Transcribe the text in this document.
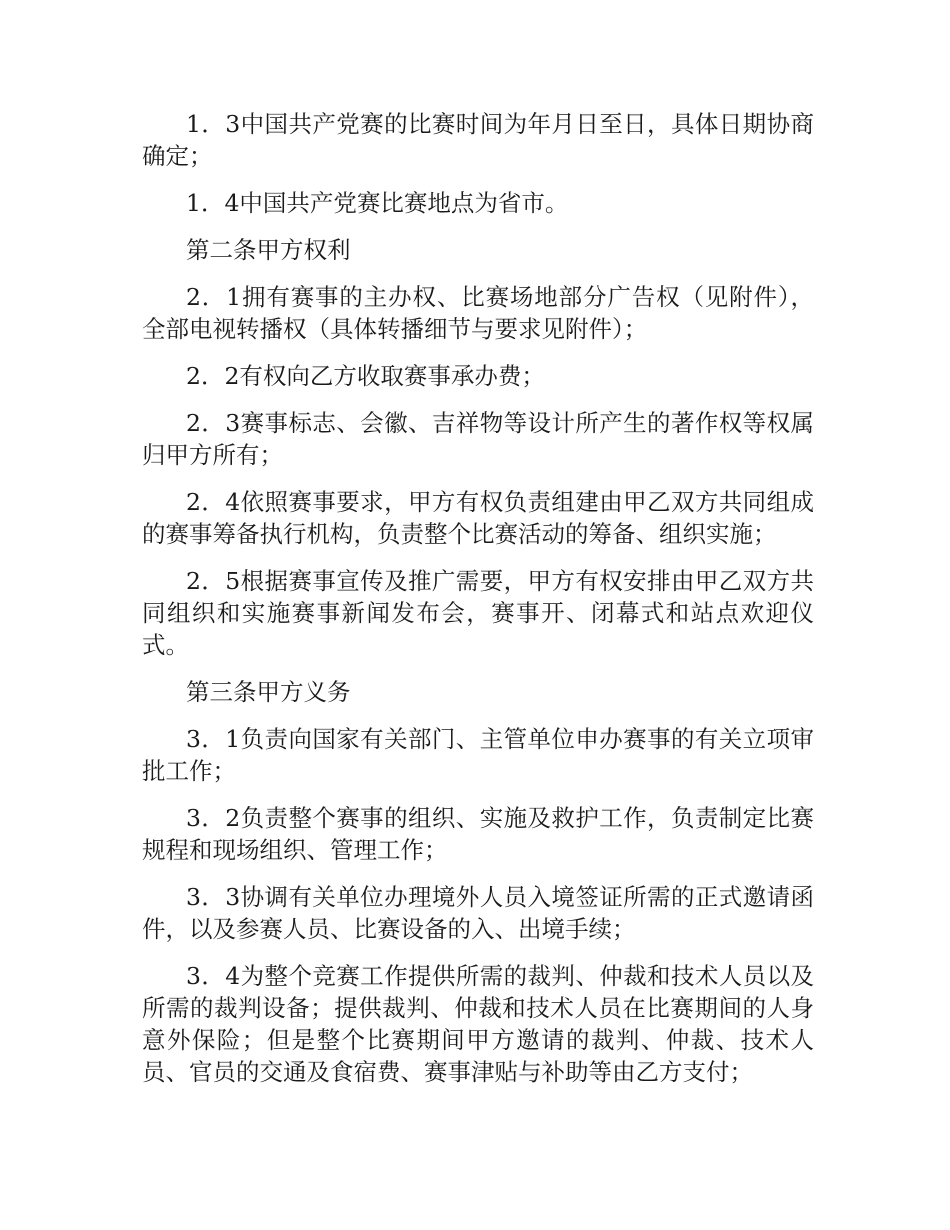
1．3中国共产党赛的比赛时间为年月日至日，具体日期协商确定；

1．4中国共产党赛比赛地点为省市。

第二条甲方权利

2．1拥有赛事的主办权、比赛场地部分广告权（见附件），全部电视转播权（具体转播细节与要求见附件）；

2．2有权向乙方收取赛事承办费；

2．3赛事标志、会徽、吉祥物等设计所产生的著作权等权属归甲方所有；

2．4依照赛事要求，甲方有权负责组建由甲乙双方共同组成的赛事筹备执行机构，负责整个比赛活动的筹备、组织实施；

2．5根据赛事宣传及推广需要，甲方有权安排由甲乙双方共同组织和实施赛事新闻发布会，赛事开、闭幕式和站点欢迎仪式。

第三条甲方义务

3．1负责向国家有关部门、主管单位申办赛事的有关立项审批工作；

3．2负责整个赛事的组织、实施及救护工作，负责制定比赛规程和现场组织、管理工作；

3．3协调有关单位办理境外人员入境签证所需的正式邀请函件，以及参赛人员、比赛设备的入、出境手续；

3．4为整个竞赛工作提供所需的裁判、仲裁和技术人员以及所需的裁判设备；提供裁判、仲裁和技术人员在比赛期间的人身意外保险；但是整个比赛期间甲方邀请的裁判、仲裁、技术人员、官员的交通及食宿费、赛事津贴与补助等由乙方支付；
